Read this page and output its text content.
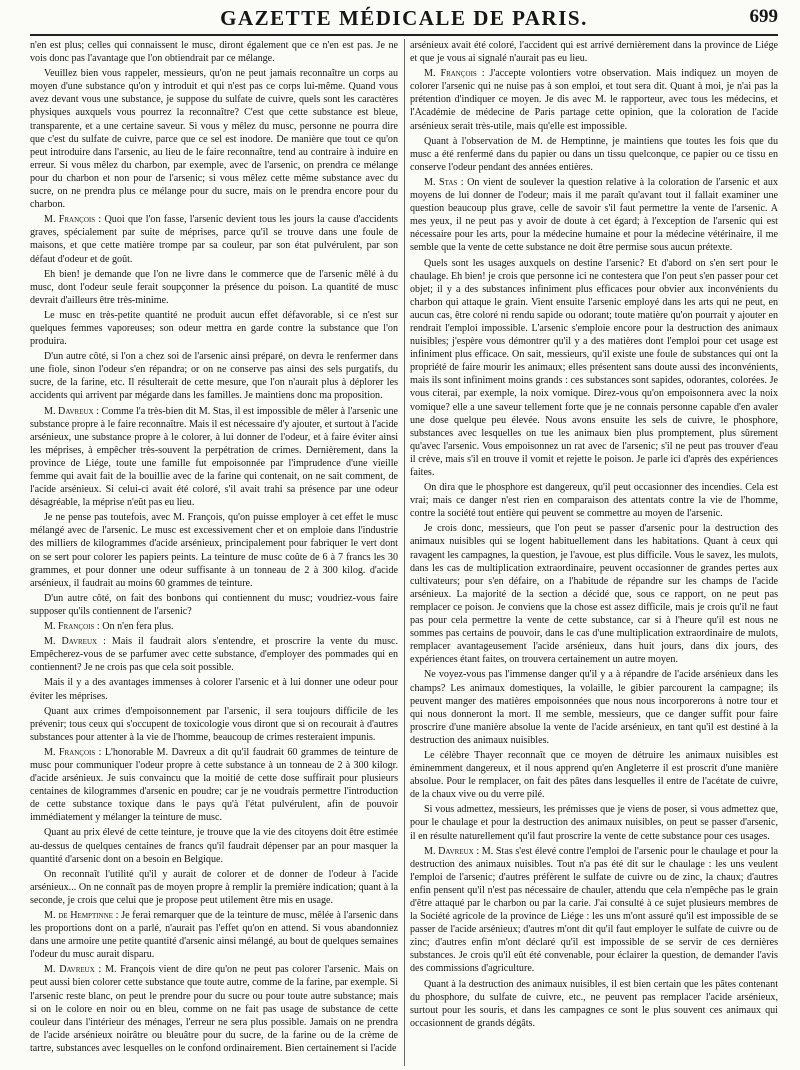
GAZETTE MÉDICALE DE PARIS.	699

n'en est plus; celles qui connaissent le musc, diront également que ce n'en est pas. Je ne vois donc pas l'avantage que l'on obtiendrait par ce mélange.

Veuillez bien vous rappeler, messieurs, qu'on ne peut jamais reconnaître un corps au moyen d'une substance qu'on y introduit et qui n'est pas ce corps lui-même. Quand vous avez devant vous une substance, je suppose du sulfate de cuivre, quels sont les caractères physiques auxquels vous pourrez la reconnaître? C'est que cette substance est bleue, transparente, et a une certaine saveur. Si vous y mêlez du musc, personne ne pourra dire que c'est du sulfate de cuivre, parce que ce sel est inodore. De manière que tout ce qu'on peut introduire dans l'arsenic, au lieu de le faire reconnaître, tend au contraire à induire en erreur. Si vous mêlez du charbon, par exemple, avec de l'arsenic, on prendra ce mélange pour du charbon et non pour de l'arsenic; si vous mêlez cette même substance avec du sucre, on ne prendra plus ce mélange pour du sucre, mais on le prendra encore pour du charbon.

M. François : Quoi que l'on fasse, l'arsenic devient tous les jours la cause d'accidents graves, spécialement par suite de méprises, parce qu'il se trouve dans une foule de maisons, et que cette matière trompe par sa couleur, par son état pulvérulent, par son défaut d'odeur et de goût.

Eh bien! je demande que l'on ne livre dans le commerce que de l'arsenic mêlé à du musc, dont l'odeur seule ferait soupçonner la présence du poison. La quantité de musc devrait d'ailleurs être très-minime.

Le musc en très-petite quantité ne produit aucun effet défavorable, si ce n'est sur quelques femmes vaporeuses; son odeur mettra en garde contre la substance que l'on produira.

D'un autre côté, si l'on a chez soi de l'arsenic ainsi préparé, on devra le renfermer dans une fiole, sinon l'odeur s'en répandra; or on ne conserve pas ainsi des sels purgatifs, du sucre, de la farine, etc. Il résulterait de cette mesure, que l'on n'aurait plus à déplorer les accidents qui arrivent par mégarde dans les familles. Je maintiens donc ma proposition.

M. Davreux : Comme l'a très-bien dit M. Stas, il est impossible de mêler à l'arsenic une substance propre à le faire reconnaître. Mais il est nécessaire d'y ajouter, et surtout à l'acide arsénieux, une substance propre à le colorer, à lui donner de l'odeur, et à faire éviter ainsi les méprises, à empêcher très-souvent la perpétration de crimes. Dernièrement, dans la province de Liége, toute une famille fut empoisonnée par l'imprudence d'une vieille femme qui avait fait de la bouillie avec de la farine qui contenait, on ne sait comment, de l'acide arsénieux. Si celui-ci avait été coloré, s'il avait trahi sa présence par une odeur désagréable, la méprise n'eût pas eu lieu.

Je ne pense pas toutefois, avec M. François, qu'on puisse employer à cet effet le musc mélangé avec de l'arsenic. Le musc est excessivement cher et on emploie dans l'industrie des milliers de kilogrammes d'acide arsénieux, principalement pour fabriquer le vert dont on se sert pour colorer les papiers peints. La teinture de musc coûte de 6 à 7 francs les 30 grammes, et pour donner une odeur suffisante à un tonneau de 2 à 300 kilog. d'acide arsénieux, il faudrait au moins 60 grammes de teinture.

D'un autre côté, on fait des bonbons qui contiennent du musc; voudriez-vous faire supposer qu'ils contiennent de l'arsenic?

M. François : On n'en fera plus.

M. Davreux : Mais il faudrait alors s'entendre, et proscrire la vente du musc. Empêcherez-vous de se parfumer avec cette substance, d'employer des pommades qui en contiennent? Je ne crois pas que cela soit possible.

Mais il y a des avantages immenses à colorer l'arsenic et à lui donner une odeur pour éviter les méprises.

Quant aux crimes d'empoisonnement par l'arsenic, il sera toujours difficile de les prévenir; tous ceux qui s'occupent de toxicologie vous diront que si on recourait à d'autres substances pour attenter à la vie de l'homme, beaucoup de crimes resteraient impunis.

M. François : L'honorable M. Davreux a dit qu'il faudrait 60 grammes de teinture de musc pour communiquer l'odeur propre à cette substance à un tonneau de 2 à 300 kilogr. d'acide arsénieux. Je suis convaincu que la moitié de cette dose suffirait pour plusieurs centaines de kilogrammes d'arsenic en poudre; car je ne voudrais permettre l'introduction de cette substance toxique dans le pays qu'à l'état pulvérulent, afin de pouvoir immédiatement y mélanger la teinture de musc.

Quant au prix élevé de cette teinture, je trouve que la vie des citoyens doit être estimée au-dessus de quelques centaines de francs qu'il faudrait dépenser par an pour masquer la quantité d'arsenic dont on a besoin en Belgique.

On reconnaît l'utilité qu'il y aurait de colorer et de donner de l'odeur à l'acide arsénieux... On ne connaît pas de moyen propre à remplir la première indication; quant à la seconde, je crois que celui que je propose peut utilement être mis en usage.

M. de Hemptinne : Je ferai remarquer que de la teinture de musc, mêlée à l'arsenic dans les proportions dont on a parlé, n'aurait pas l'effet qu'on en attend. Si vous abandonniez dans une armoire une petite quantité d'arsenic ainsi mélangé, au bout de quelques semaines l'odeur du musc aurait disparu.

M. Davreux : M. François vient de dire qu'on ne peut pas colorer l'arsenic. Mais on peut aussi bien colorer cette substance que toute autre, comme de la farine, par exemple. Si l'arsenic reste blanc, on peut le prendre pour du sucre ou pour toute autre substance; mais si on le colore en noir ou en bleu, comme on ne fait pas usage de substance de cette couleur dans l'intérieur des ménages, l'erreur ne sera plus possible. Jamais on ne prendra de l'acide arsénieux noirâtre ou bleuâtre pour du sucre, de la farine ou de la crème de tartre, substances avec lesquelles on le confond ordinairement. Bien certainement si l'acide

arsénieux avait été coloré, l'accident qui est arrivé dernièrement dans la province de Liége et que je vous ai signalé n'aurait pas eu lieu.

M. François : J'accepte volontiers votre observation. Mais indiquez un moyen de colorer l'arsenic qui ne nuise pas à son emploi, et tout sera dit. Quant à moi, je n'ai pas la prétention d'indiquer ce moyen. Je dis avec M. le rapporteur, avec tous les médecins, et l'Académie de médecine de Paris partage cette opinion, que la coloration de l'acide arsénieux serait très-utile, mais qu'elle est impossible.

Quant à l'observation de M. de Hemptinne, je maintiens que toutes les fois que du musc a été renfermé dans du papier ou dans un tissu quelconque, ce papier ou ce tissu en conserve l'odeur pendant des années entières.

M. Stas : On vient de soulever la question relative à la coloration de l'arsenic et aux moyens de lui donner de l'odeur; mais il me paraît qu'avant tout il fallait examiner une question beaucoup plus grave, celle de savoir s'il faut permettre la vente de l'arsenic. A mes yeux, il ne peut pas y avoir de doute à cet égard; à l'exception de l'arsenic qui est nécessaire pour les arts, pour la médecine humaine et pour la médecine vétérinaire, il me semble que la vente de cette substance ne doit être permise sous aucun prétexte.

Quels sont les usages auxquels on destine l'arsenic? Et d'abord on s'en sert pour le chaulage. Eh bien! je crois que personne ici ne contestera que l'on peut s'en passer pour cet objet; il y a des substances infiniment plus efficaces pour obvier aux inconvénients du charbon qui attaque le grain. Vient ensuite l'arsenic employé dans les arts qui ne peut, en aucun cas, être coloré ni rendu sapide ou odorant; toute matière qu'on pourrait y ajouter en rendrait l'emploi impossible. L'arsenic s'emploie encore pour la destruction des animaux nuisibles; j'espère vous démontrer qu'il y a des matières dont l'emploi pour cet usage est infiniment plus efficace. On sait, messieurs, qu'il existe une foule de substances qui ont la propriété de faire mourir les animaux; elles présentent sans doute aussi des inconvénients, mais ils sont infiniment moins grands : ces substances sont sapides, odorantes, colorées. Je vous citerai, par exemple, la noix vomique. Direz-vous qu'on empoisonnera avec la noix vomique? elle a une saveur tellement forte que je ne connais personne capable d'en avaler une dose quelque peu élevée. Nous avons ensuite les sels de cuivre, le phosphore, substances avec lesquelles on tue les animaux bien plus promptement, plus sûrement qu'avec l'arsenic. Vous empoisonnez un rat avec de l'arsenic; s'il ne peut pas trouver d'eau il crève, mais s'il en trouve il vomit et rejette le poison. Je parle ici d'après des expériences faites.

On dira que le phosphore est dangereux, qu'il peut occasionner des incendies. Cela est vrai; mais ce danger n'est rien en comparaison des attentats contre la vie de l'homme, contre la société tout entière qui peuvent se commettre au moyen de l'arsenic.

Je crois donc, messieurs, que l'on peut se passer d'arsenic pour la destruction des animaux nuisibles qui se logent habituellement dans les habitations. Quant à ceux qui ravagent les campagnes, la question, je l'avoue, est plus difficile. Vous le savez, les mulots, dans les cas de multiplication extraordinaire, peuvent occasionner de grandes pertes aux cultivateurs; pour s'en défaire, on a l'habitude de répandre sur les champs de l'acide arsénieux. La majorité de la section a décidé que, sous ce rapport, on ne peut pas remplacer ce poison. Je conviens que la chose est assez difficile, mais je crois qu'il ne faut pas pour cela permettre la vente de cette substance, car si à l'heure qu'il est nous ne sommes pas certains de pouvoir, dans le cas d'une multiplication extraordinaire de mulots, remplacer avantageusement l'acide arsénieux, dans huit jours, dans dix jours, des expériences étant faites, on trouvera certainement un autre moyen.

Ne voyez-vous pas l'immense danger qu'il y a à répandre de l'acide arsénieux dans les champs? Les animaux domestiques, la volaille, le gibier parcourent la campagne; ils peuvent manger des matières empoisonnées que nous nous incorporerons à notre tour et qui nous donneront la mort. Il me semble, messieurs, que ce danger suffit pour faire proscrire d'une manière absolue la vente de l'acide arsénieux, en tant qu'il est destiné à la destruction des animaux nuisibles.

Le célèbre Thayer reconnaît que ce moyen de détruire les animaux nuisibles est éminemment dangereux, et il nous apprend qu'en Angleterre il est proscrit d'une manière absolue. Pour le remplacer, on fait des pâtes dans lesquelles il entre de l'acétate de cuivre, de la chaux vive ou du verre pilé.

Si vous admettez, messieurs, les prémisses que je viens de poser, si vous admettez que, pour le chaulage et pour la destruction des animaux nuisibles, on peut se passer d'arsenic, il en résulte naturellement qu'il faut proscrire la vente de cette substance pour ces usages.

M. Davreux : M. Stas s'est élevé contre l'emploi de l'arsenic pour le chaulage et pour la destruction des animaux nuisibles. Tout n'a pas été dit sur le chaulage : les uns veulent l'emploi de l'arsenic; d'autres préfèrent le sulfate de cuivre ou de zinc, la chaux; d'autres enfin pensent qu'il n'est pas nécessaire de chauler, attendu que cela n'empêche pas le grain d'être attaqué par le charbon ou par la carie. J'ai consulté à ce sujet plusieurs membres de la Société agricole de la province de Liége : les uns m'ont assuré qu'il est impossible de se passer de l'acide arsénieux; d'autres m'ont dit qu'il faut employer le sulfate de cuivre ou de zinc; d'autres enfin m'ont déclaré qu'il est impossible de se servir de ces dernières substances. Je crois qu'il eût été convenable, pour éclairer la question, de demander l'avis des commissions d'agriculture.

Quant à la destruction des animaux nuisibles, il est bien certain que les pâtes contenant du phosphore, du sulfate de cuivre, etc., ne peuvent pas remplacer l'acide arsénieux, surtout pour les souris, et dans les campagnes ce sont le plus souvent ces animaux qui occasionnent de grands dégâts.
